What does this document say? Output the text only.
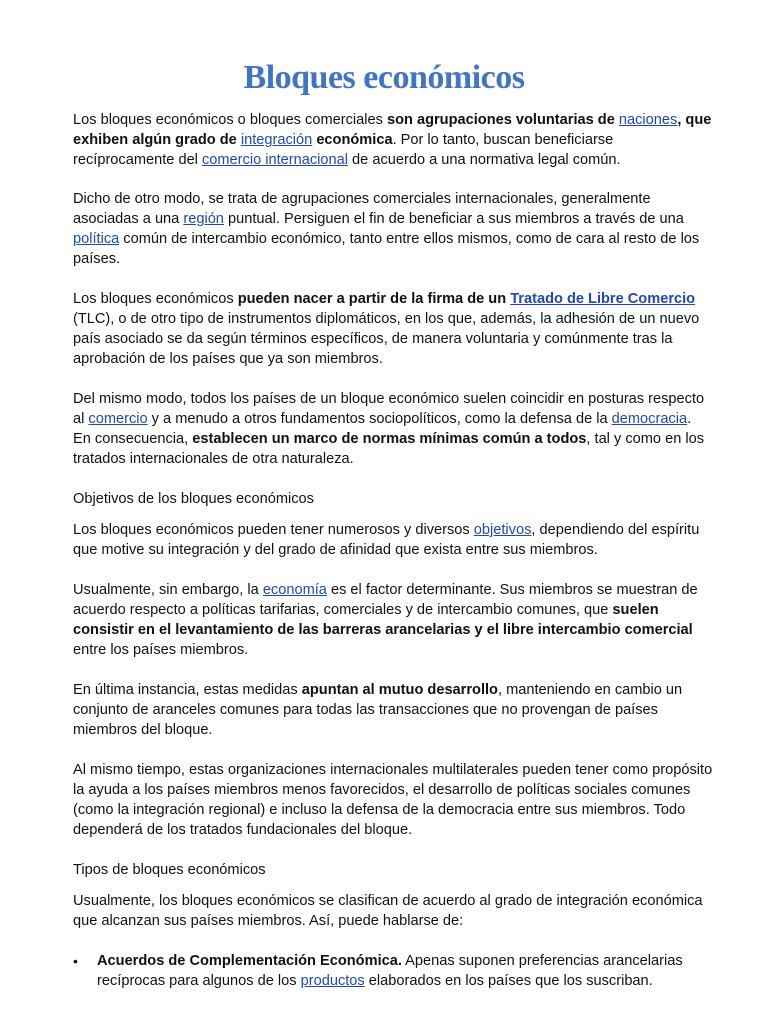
Bloques económicos

Los bloques económicos o bloques comerciales son agrupaciones voluntarias de naciones, que exhiben algún grado de integración económica. Por lo tanto, buscan beneficiarse recíprocamente del comercio internacional de acuerdo a una normativa legal común.

Dicho de otro modo, se trata de agrupaciones comerciales internacionales, generalmente asociadas a una región puntual. Persiguen el fin de beneficiar a sus miembros a través de una política común de intercambio económico, tanto entre ellos mismos, como de cara al resto de los países.

Los bloques económicos pueden nacer a partir de la firma de un Tratado de Libre Comercio (TLC), o de otro tipo de instrumentos diplomáticos, en los que, además, la adhesión de un nuevo país asociado se da según términos específicos, de manera voluntaria y comúnmente tras la aprobación de los países que ya son miembros.

Del mismo modo, todos los países de un bloque económico suelen coincidir en posturas respecto al comercio y a menudo a otros fundamentos sociopolíticos, como la defensa de la democracia. En consecuencia, establecen un marco de normas mínimas común a todos, tal y como en los tratados internacionales de otra naturaleza.

Objetivos de los bloques económicos

Los bloques económicos pueden tener numerosos y diversos objetivos, dependiendo del espíritu que motive su integración y del grado de afinidad que exista entre sus miembros.

Usualmente, sin embargo, la economía es el factor determinante. Sus miembros se muestran de acuerdo respecto a políticas tarifarias, comerciales y de intercambio comunes, que suelen consistir en el levantamiento de las barreras arancelarias y el libre intercambio comercial entre los países miembros.

En última instancia, estas medidas apuntan al mutuo desarrollo, manteniendo en cambio un conjunto de aranceles comunes para todas las transacciones que no provengan de países miembros del bloque.

Al mismo tiempo, estas organizaciones internacionales multilaterales pueden tener como propósito la ayuda a los países miembros menos favorecidos, el desarrollo de políticas sociales comunes (como la integración regional) e incluso la defensa de la democracia entre sus miembros. Todo dependerá de los tratados fundacionales del bloque.

Tipos de bloques económicos

Usualmente, los bloques económicos se clasifican de acuerdo al grado de integración económica que alcanzan sus países miembros. Así, puede hablarse de:

• Acuerdos de Complementación Económica. Apenas suponen preferencias arancelarias recíprocas para algunos de los productos elaborados en los países que los suscriban.
